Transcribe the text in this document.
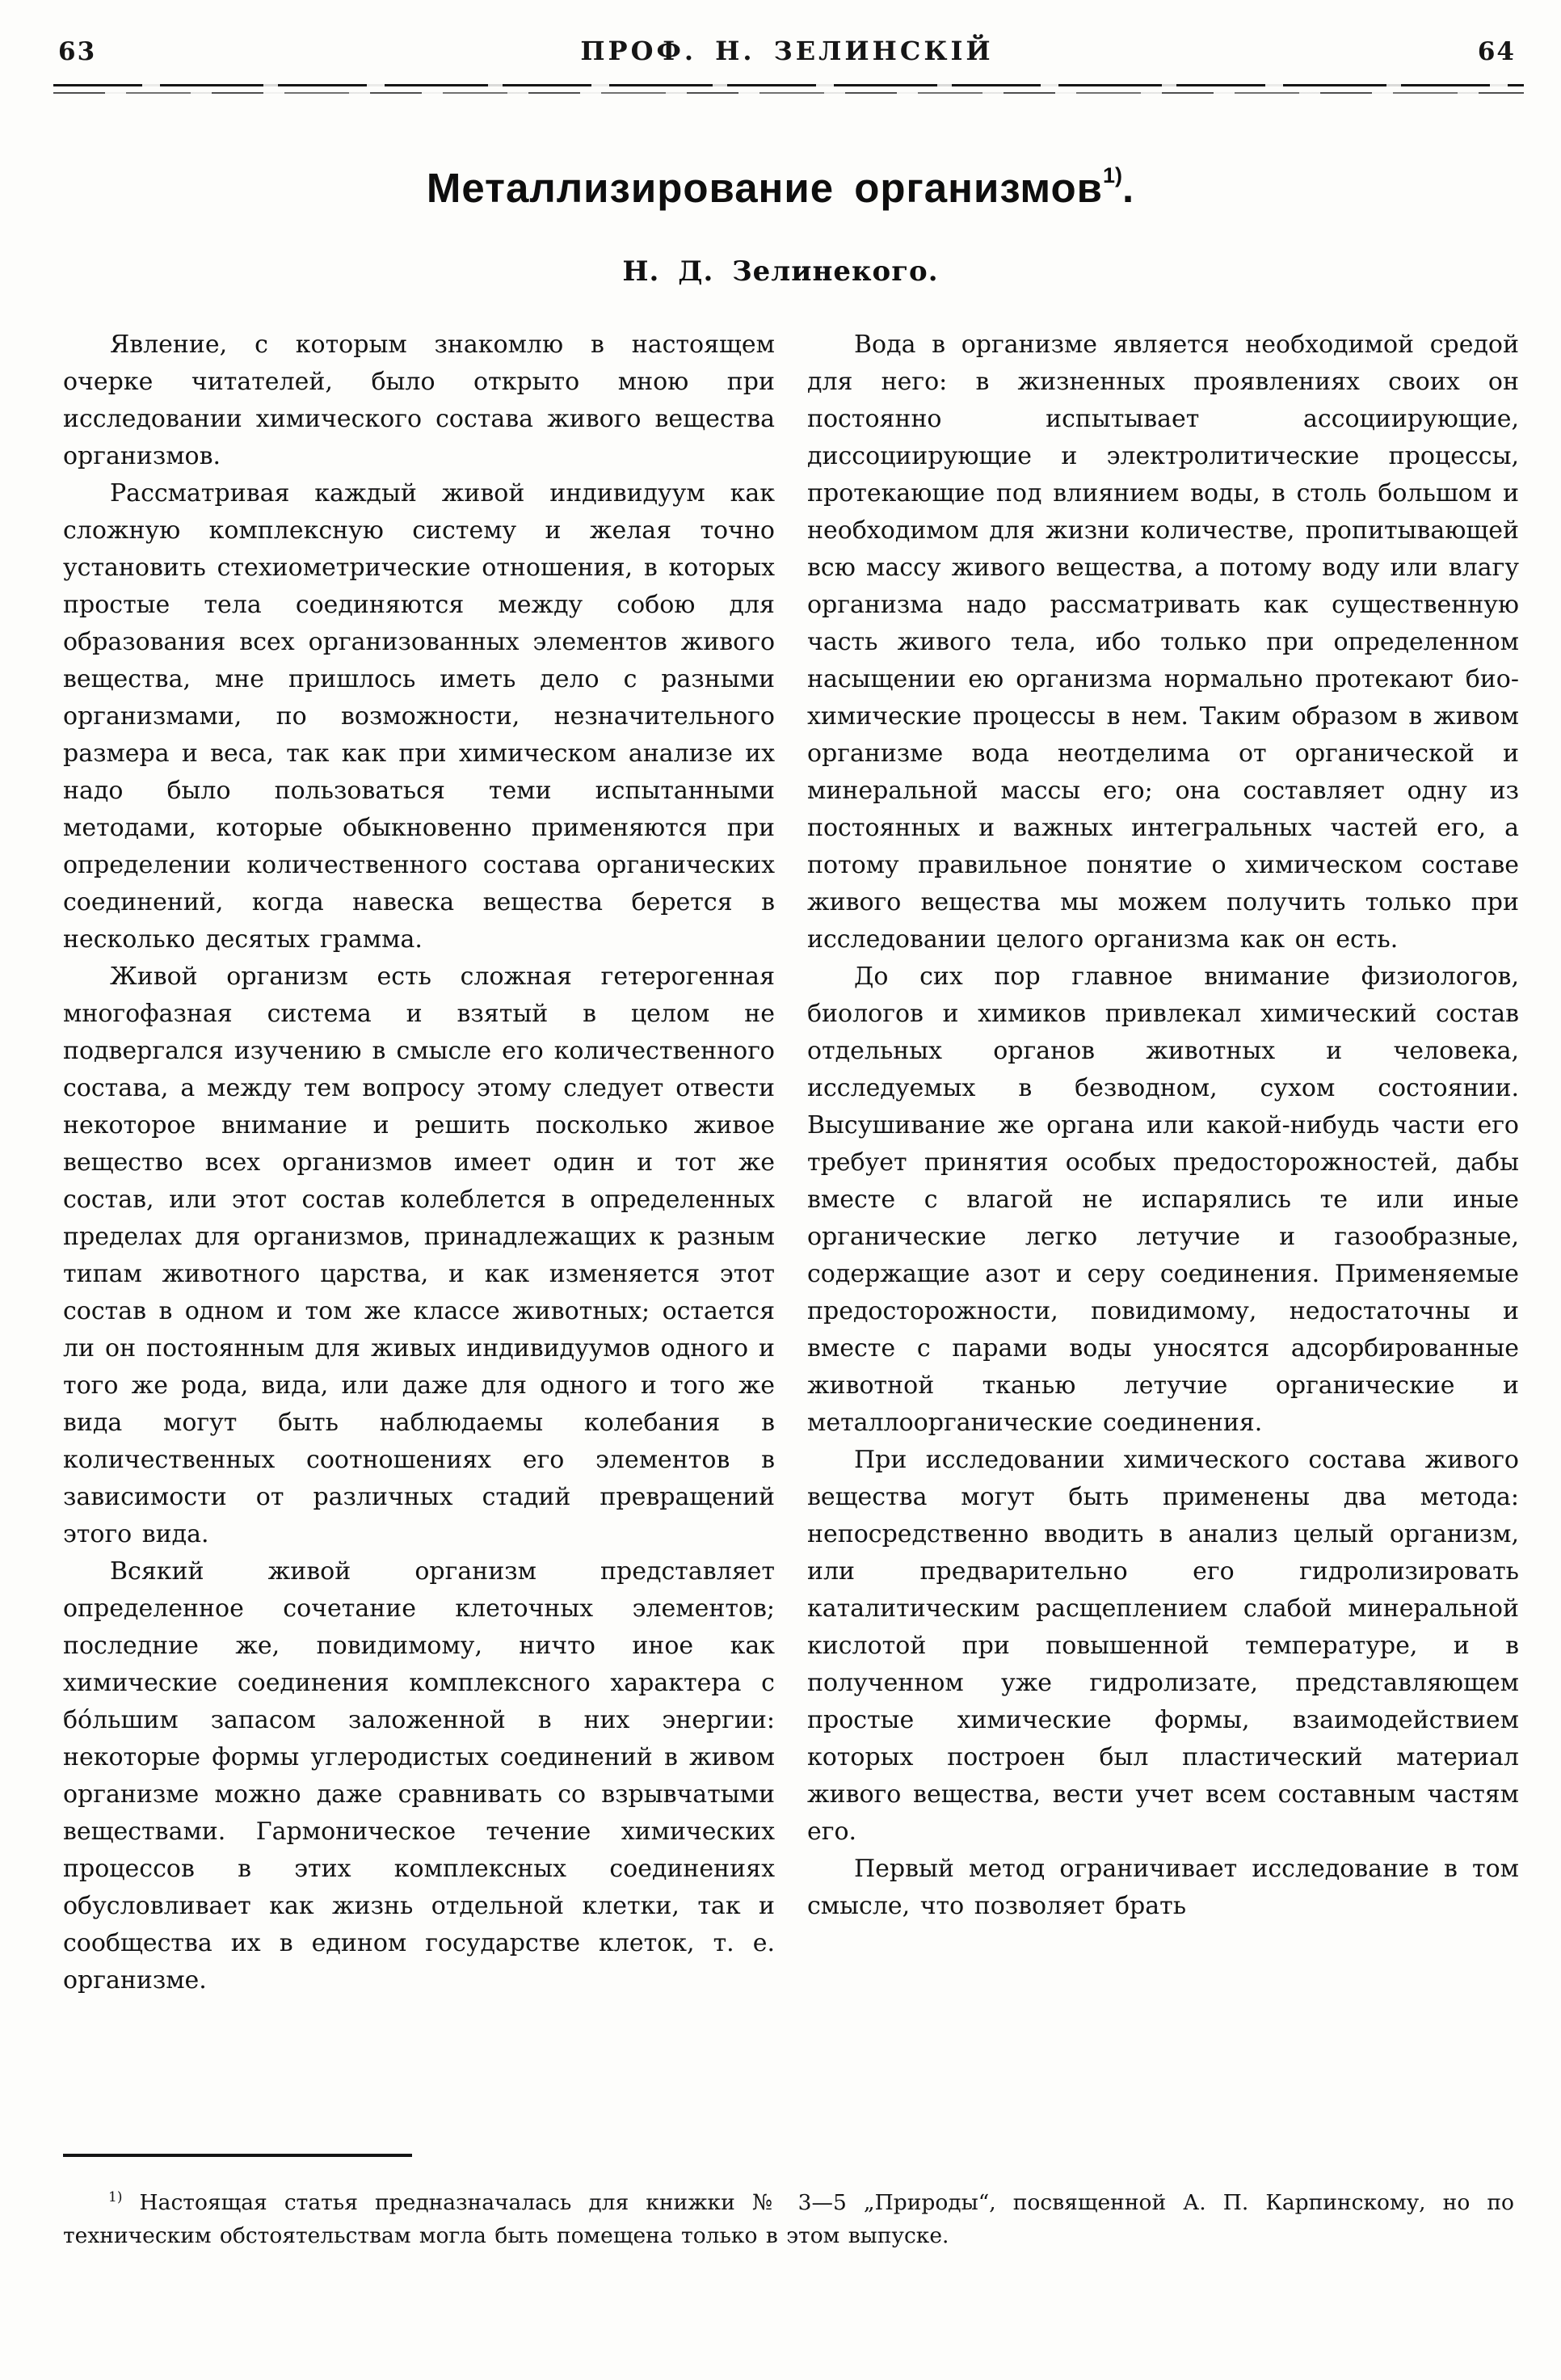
63	ПРОФ. Н. ЗЕЛИНСКIЙ	64
Металлизирование организмов$^{1)}$.
Н. Д. Зелинекого.

Явление, с которым знакомлю в настоящем очерке читателей, было открыто мною при исследовании химического состава живого вещества организмов.

Рассматривая каждый живой индивидуум как сложную комплексную систему и желая точно установить стехиометрические отношения, в которых простые тела соединяются между собою для образования всех организованных элементов живого вещества, мне пришлось иметь дело с разными организмами, по возможности, незначительного размера и веса, так как при химическом анализе их надо было пользоваться теми испытанными методами, которые обыкновенно применяются при определении количественного состава органических соединений, когда навеска вещества берется в несколько десятых грамма.

Живой организм есть сложная гетерогенная многофазная система и взятый в целом не подвергался изучению в смысле его количественного состава, а между тем вопросу этому следует отвести некоторое внимание и решить посколько живое вещество всех организмов имеет один и тот же состав, или этот состав колеблется в определенных пределах для организмов, принадлежащих к разным типам животного царства, и как изменяется этот состав в одном и том же классе животных; остается ли он постоянным для живых индивидуумов одного и того же рода, вида, или даже для одного и того же вида могут быть наблюдаемы колебания в количественных соотношениях его элементов в зависимости от различных стадий превращений этого вида.

Всякий живой организм представляет определенное сочетание клеточных элементов; последние же, повидимому, ничто иное как химические соединения комплексного характера с бо́льшим запасом заложенной в них энергии: некоторые формы углеродистых соединений в живом организме можно даже сравнивать со взрывчатыми веществами. Гармоническое течение химических процессов в этих комплексных соединениях обусловливает как жизнь отдельной клетки, так и сообщества их в едином государстве клеток, т. е. организме.

Вода в организме является необходимой средой для него: в жизненных проявлениях своих он постоянно испытывает ассоциирующие, диссоциирующие и электролитические процессы, протекающие под влиянием воды, в столь большом и необходимом для жизни количестве, пропитывающей всю массу живого вещества, а потому воду или влагу организма надо рассматривать как существенную часть живого тела, ибо только при определенном насыщении ею организма нормально протекают био-химические процессы в нем. Таким образом в живом организме вода неотделима от органической и минеральной массы его; она составляет одну из постоянных и важных интегральных частей его, а потому правильное понятие о химическом составе живого вещества мы можем получить только при исследовании целого организма как он есть.

До сих пор главное внимание физиологов, биологов и химиков привлекал химический состав отдельных органов животных и человека, исследуемых в безводном, сухом состоянии. Высушивание же органа или какой-нибудь части его требует принятия особых предосторожностей, дабы вместе с влагой не испарялись те или иные органические легко летучие и газообразные, содержащие азот и серу соединения. Применяемые предосторожности, повидимому, недостаточны и вместе с парами воды уносятся адсорбированные животной тканью летучие органические и металлоорганические соединения.

При исследовании химического состава живого вещества могут быть применены два метода: непосредственно вводить в анализ целый организм, или предварительно его гидролизировать каталитическим расщеплением слабой минеральной кислотой при повышенной температуре, и в полученном уже гидролизате, представляющем простые химические формы, взаимодействием которых построен был пластический материал живого вещества, вести учет всем составным частям его.

Первый метод ограничивает исследование в том смысле, что позволяет брать

$^{1)}$ Настоящая статья предназначалась для книжки № 3—5 „Природы“, посвященной А. П. Карпинскому, но по техническим обстоятельствам могла быть помещена только в этом выпуске.
